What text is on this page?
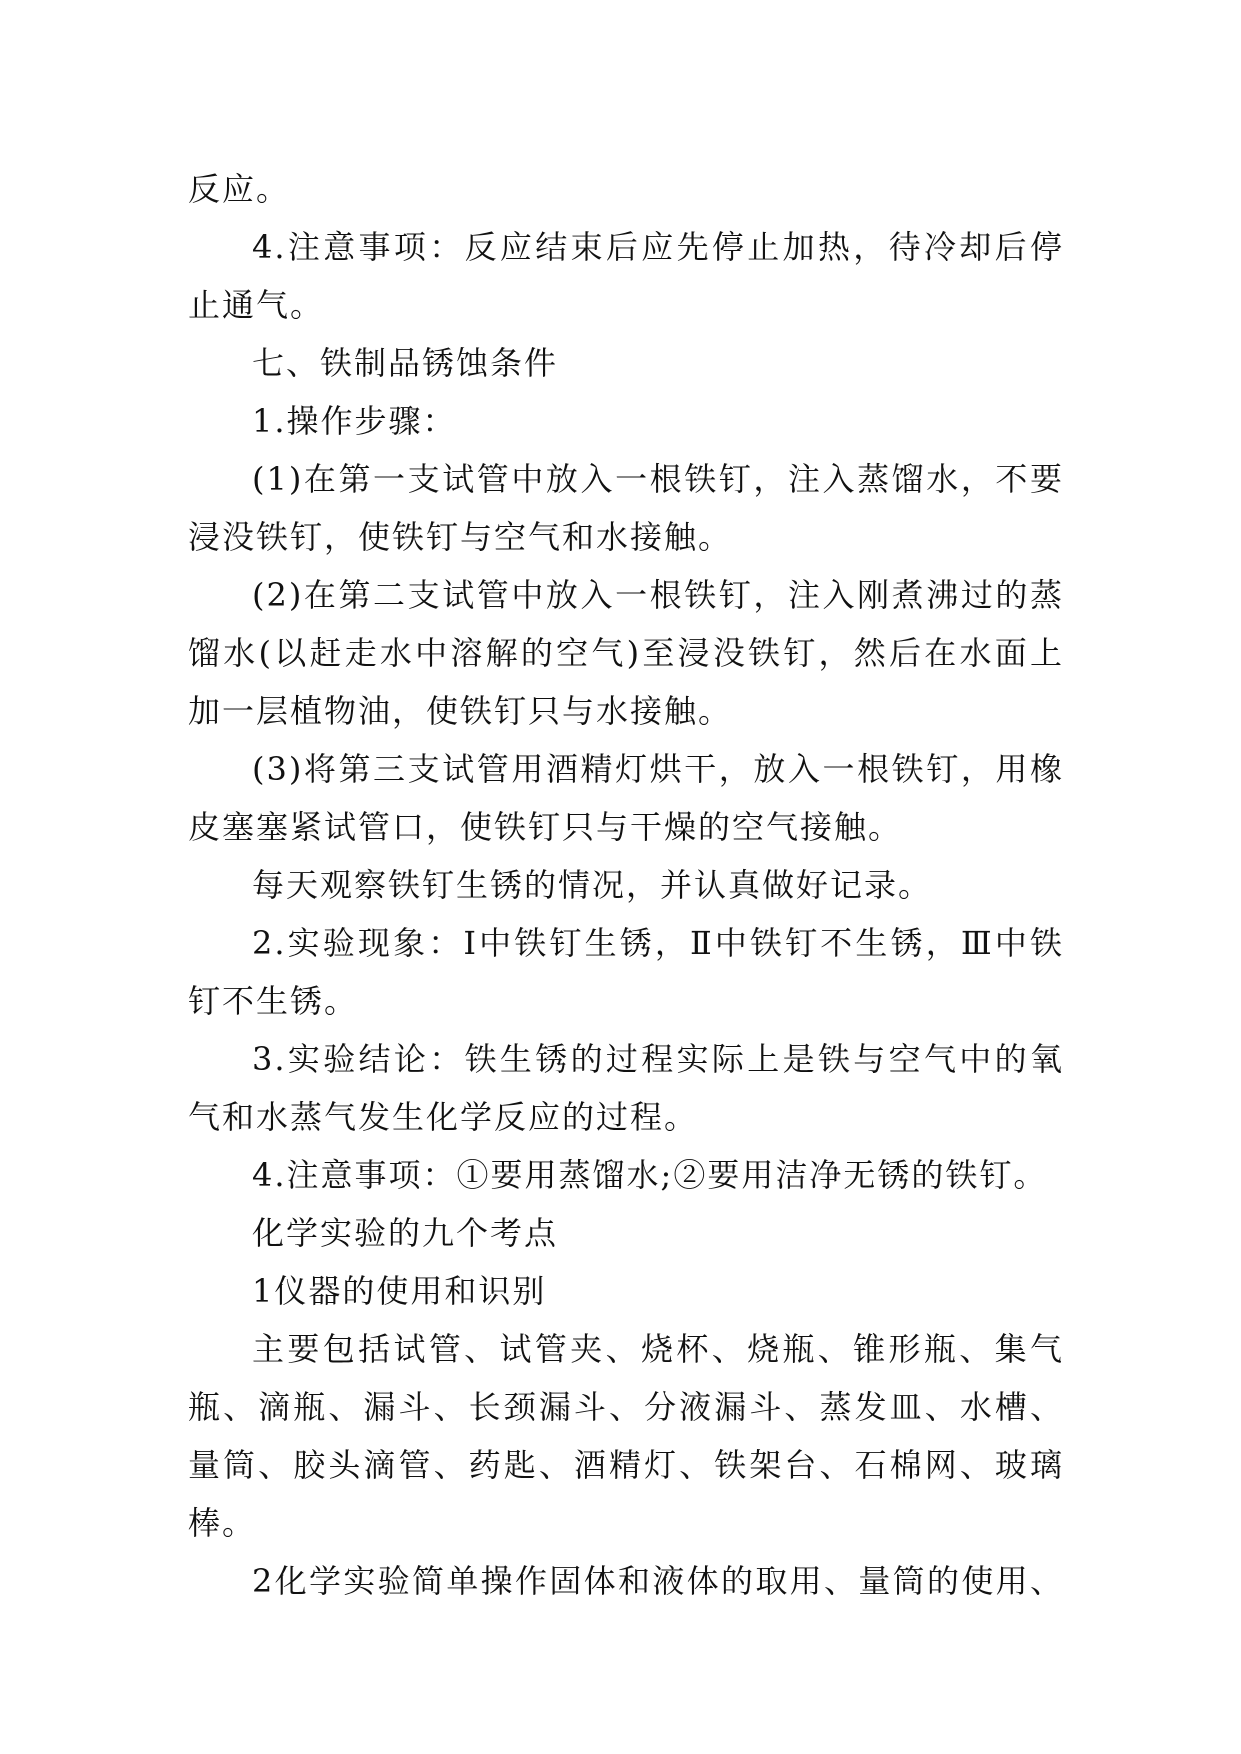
反应。

4.注意事项：反应结束后应先停止加热，待冷却后停止通气。

七、铁制品锈蚀条件

1.操作步骤：

(1)在第一支试管中放入一根铁钉，注入蒸馏水，不要浸没铁钉，使铁钉与空气和水接触。

(2)在第二支试管中放入一根铁钉，注入刚煮沸过的蒸馏水(以赶走水中溶解的空气)至浸没铁钉，然后在水面上加一层植物油，使铁钉只与水接触。

(3)将第三支试管用酒精灯烘干，放入一根铁钉，用橡皮塞塞紧试管口，使铁钉只与干燥的空气接触。

每天观察铁钉生锈的情况，并认真做好记录。

2.实验现象：Ⅰ中铁钉生锈，Ⅱ中铁钉不生锈，Ⅲ中铁钉不生锈。

3.实验结论：铁生锈的过程实际上是铁与空气中的氧气和水蒸气发生化学反应的过程。

4.注意事项：①要用蒸馏水;②要用洁净无锈的铁钉。

化学实验的九个考点

1仪器的使用和识别

主要包括试管、试管夹、烧杯、烧瓶、锥形瓶、集气瓶、滴瓶、漏斗、长颈漏斗、分液漏斗、蒸发皿、水槽、量筒、胶头滴管、药匙、酒精灯、铁架台、石棉网、玻璃棒。

2化学实验简单操作固体和液体的取用、量筒的使用、
